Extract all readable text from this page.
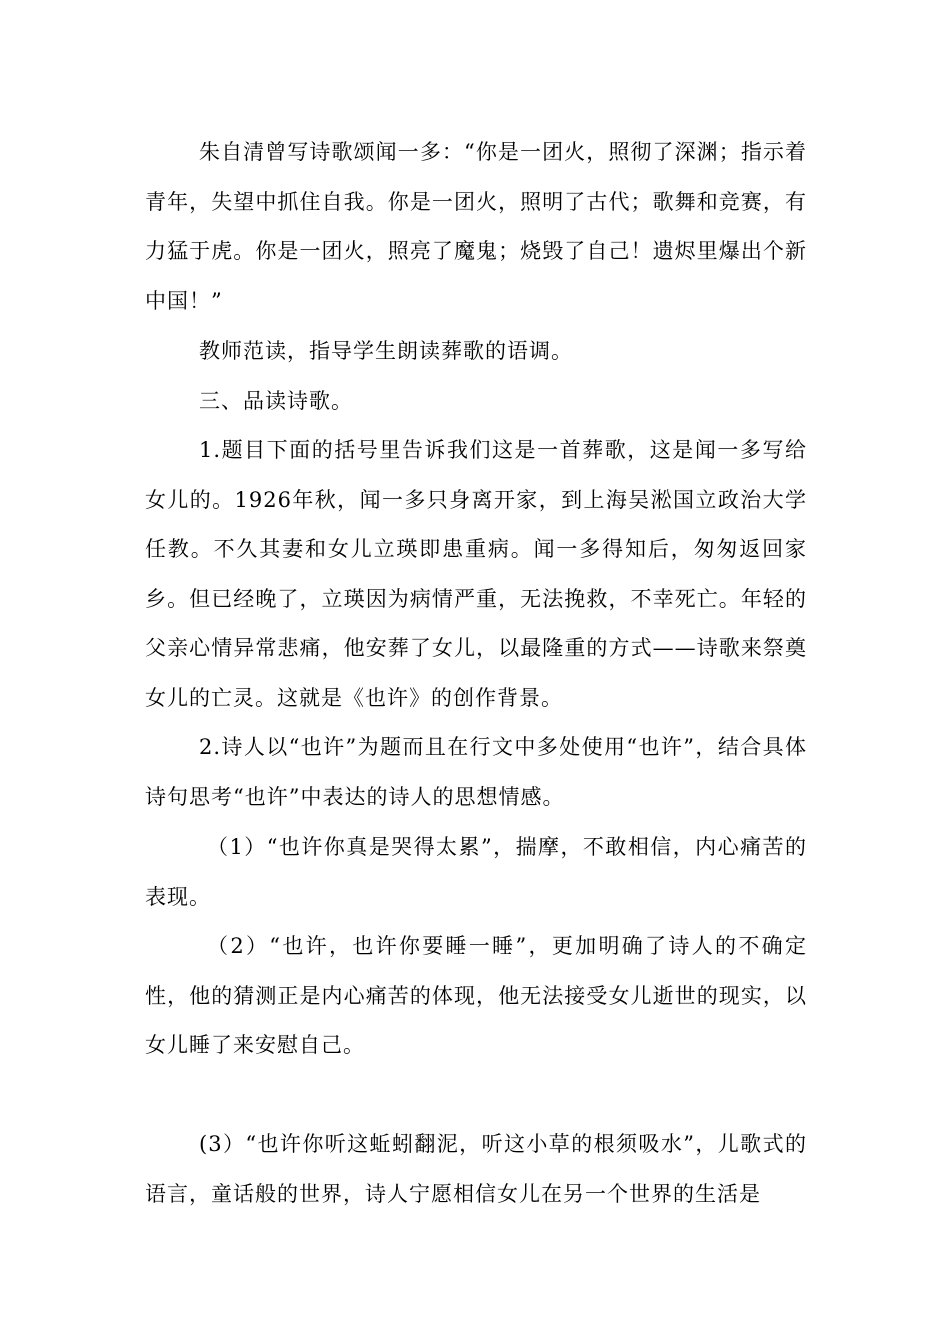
朱自清曾写诗歌颂闻一多：“你是一团火，照彻了深渊；指示着青年，失望中抓住自我。你是一团火，照明了古代；歌舞和竞赛，有力猛于虎。你是一团火，照亮了魔鬼；烧毁了自己！遗烬里爆出个新中国！”

教师范读，指导学生朗读葬歌的语调。

三、品读诗歌。

1.题目下面的括号里告诉我们这是一首葬歌，这是闻一多写给女儿的。1926年秋，闻一多只身离开家，到上海吴淞国立政治大学任教。不久其妻和女儿立瑛即患重病。闻一多得知后，匆匆返回家乡。但已经晚了，立瑛因为病情严重，无法挽救，不幸死亡。年轻的父亲心情异常悲痛，他安葬了女儿，以最隆重的方式——诗歌来祭奠女儿的亡灵。这就是《也许》的创作背景。

2.诗人以“也许”为题而且在行文中多处使用“也许”，结合具体诗句思考“也许”中表达的诗人的思想情感。

（1）“也许你真是哭得太累”，揣摩，不敢相信，内心痛苦的表现。

（2）“也许，也许你要睡一睡”，更加明确了诗人的不确定性，他的猜测正是内心痛苦的体现，他无法接受女儿逝世的现实，以女儿睡了来安慰自己。

(3）“也许你听这蚯蚓翻泥，听这小草的根须吸水”，儿歌式的语言，童话般的世界，诗人宁愿相信女儿在另一个世界的生活是
